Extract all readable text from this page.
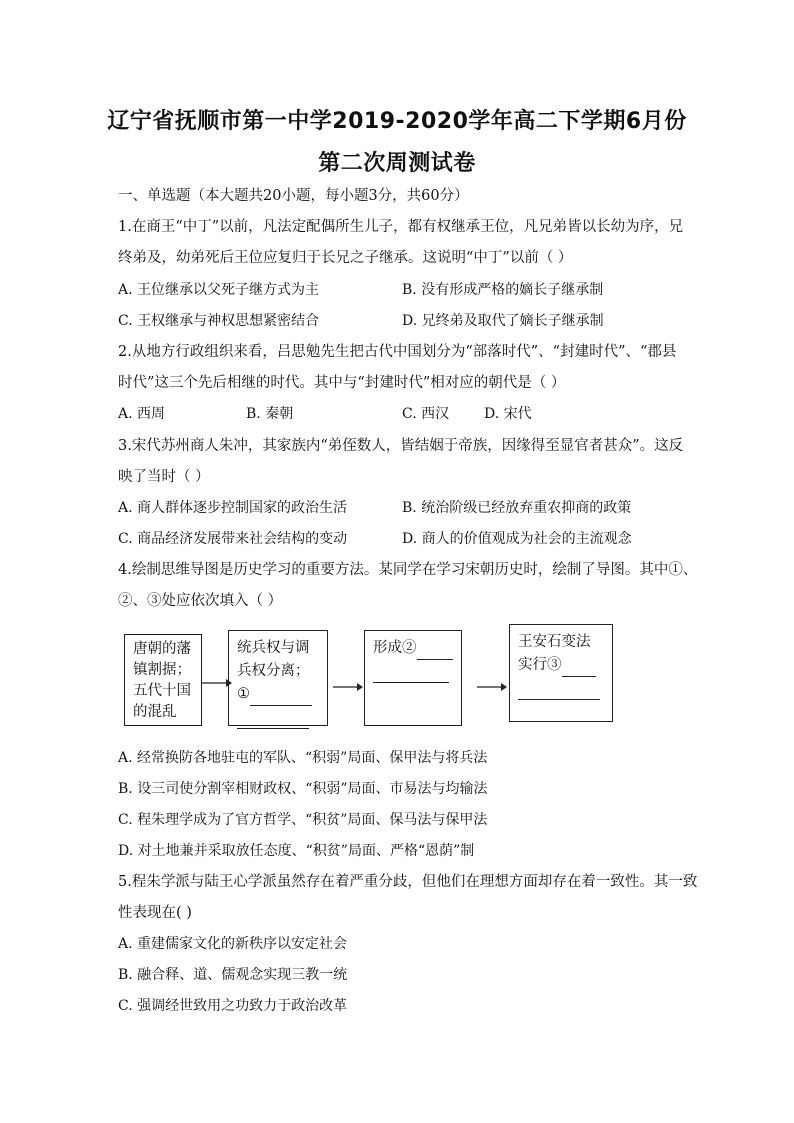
辽宁省抚顺市第一中学2019-2020学年高二下学期6月份
第二次周测试卷
一、单选题（本大题共20小题，每小题3分，共60分）
1.在商王“中丁”以前，凡法定配偶所生儿子，都有权继承王位，凡兄弟皆以长幼为序，兄
终弟及，幼弟死后王位应复归于长兄之子继承。这说明“中丁”以前（ ）
A. 王位继承以父死子继方式为主	B. 没有形成严格的嫡长子继承制
C. 王权继承与神权思想紧密结合	D. 兄终弟及取代了嫡长子继承制
2.从地方行政组织来看，吕思勉先生把古代中国划分为“部落时代”、“封建时代”、“郡县
时代”这三个先后相继的时代。其中与“封建时代”相对应的朝代是（ ）
A. 西周	B. 秦朝	C. 西汉 D. 宋代
3.宋代苏州商人朱冲，其家族内“弟侄数人，皆结姻于帝族，因缘得至显官者甚众”。这反
映了当时（ ）
A. 商人群体逐步控制国家的政治生活	B. 统治阶级已经放弃重农抑商的政策
C. 商品经济发展带来社会结构的变动	D. 商人的价值观成为社会的主流观念
4.绘制思维导图是历史学习的重要方法。某同学在学习宋朝历史时，绘制了导图。其中①、
②、③处应依次填入（ ）
唐朝的藩
镇割据；
五代十国
的混乱
统兵权与调
兵权分离；
①
形成②	王安石变法
实行③
A. 经常换防各地驻屯的军队、“积弱”局面、保甲法与将兵法
B. 设三司使分割宰相财政权、“积弱”局面、市易法与均输法
C. 程朱理学成为了官方哲学、“积贫”局面、保马法与保甲法
D. 对土地兼并采取放任态度、“积贫”局面、严格“恩荫”制
5.程朱学派与陆王心学派虽然存在着严重分歧，但他们在理想方面却存在着一致性。其一致
性表现在( )
A. 重建儒家文化的新秩序以安定社会
B. 融合释、道、儒观念实现三教一统
C. 强调经世致用之功致力于政治改革
